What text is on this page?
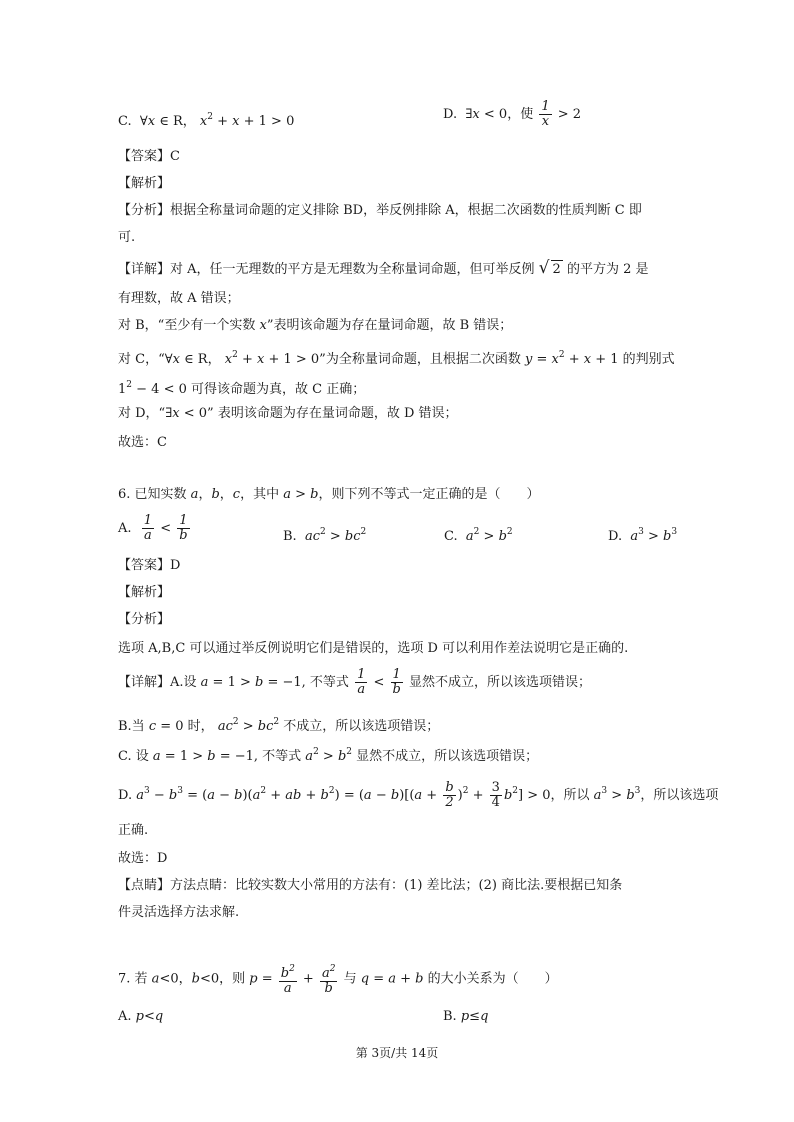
C.  ∀x ∈ R， $x^2 + x + 1 > 0$	D.  ∃x < 0，使 $\frac{1}{x} > 2$
【答案】C
【解析】
【分析】根据全称量词命题的定义排除 BD，举反例排除 A，根据二次函数的性质判断 C 即
可.
【详解】对 A，任一无理数的平方是无理数为全称量词命题，但可举反例 √ 2 的平方为 2 是
有理数，故 A 错误；
对 B，“至少有一个实数 x”表明该命题为存在量词命题，故 B 错误；
对 C，“∀x ∈ R， $x^2 + x + 1 > 0$”为全称量词命题，且根据二次函数 $y = x^2 + x + 1$ 的判别式
$1^2 - 4 < 0$ 可得该命题为真，故 C 正确；
对 D，“∃x < 0” 表明该命题为存在量词命题，故 D 错误；
故选：C
6. 已知实数 a，b，c，其中 a > b，则下列不等式一定正确的是（　　）
A. $\frac{1}{a} < \frac{1}{b}$	B.  $ac^2 > bc^2$	C.  $a^2 > b^2$	D.  $a^3 > b^3$
【答案】D
【解析】
【分析】
选项 A,B,C 可以通过举反例说明它们是错误的，选项 D 可以利用作差法说明它是正确的.
【详解】A.设 a = 1 > b = −1, 不等式 $\frac{1}{a} < \frac{1}{b}$ 显然不成立，所以该选项错误；
B.当 c = 0 时， $ac^2 > bc^2$ 不成立，所以该选项错误；
C. 设 a = 1 > b = −1, 不等式 $a^2 > b^2$ 显然不成立，所以该选项错误；
D. $a^3 - b^3 = (a - b)(a^2$ + ab + $b^2) = (a - b)[(a + \frac{b}{2} )^2 + \frac{3}{4} b^2] > 0$，所以 $a^3 > b^3$，所以该选项
正确.
故选：D
【点睛】方法点睛：比较实数大小常用的方法有：(1) 差比法；(2) 商比法.要根据已知条
件灵活选择方法求解.
7. 若 a<0，b<0，则 $p = \frac{b^2}{a} + \frac{a^2}{b}$ 与 q = a + b 的大小关系为（　　）
A. p<q	B. p≤q
第 3页/共 14页
